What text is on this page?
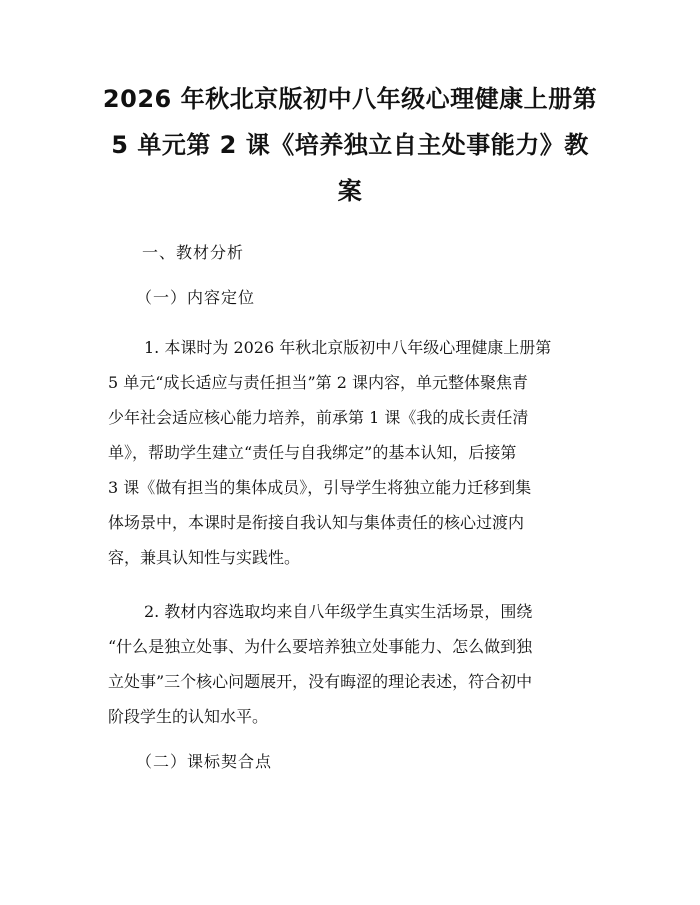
2026 年秋北京版初中八年级心理健康上册第
5 单元第 2 课《培养独立自主处事能力》教
案

一、教材分析

（一）内容定位

1. 本课时为 2026 年秋北京版初中八年级心理健康上册第
5 单元“成长适应与责任担当”第 2 课内容，单元整体聚焦青
少年社会适应核心能力培养，前承第 1 课《我的成长责任清
单》，帮助学生建立“责任与自我绑定”的基本认知，后接第
3 课《做有担当的集体成员》，引导学生将独立能力迁移到集
体场景中，本课时是衔接自我认知与集体责任的核心过渡内
容，兼具认知性与实践性。
2. 教材内容选取均来自八年级学生真实生活场景，围绕
“什么是独立处事、为什么要培养独立处事能力、怎么做到独
立处事”三个核心问题展开，没有晦涩的理论表述，符合初中
阶段学生的认知水平。

（二）课标契合点
